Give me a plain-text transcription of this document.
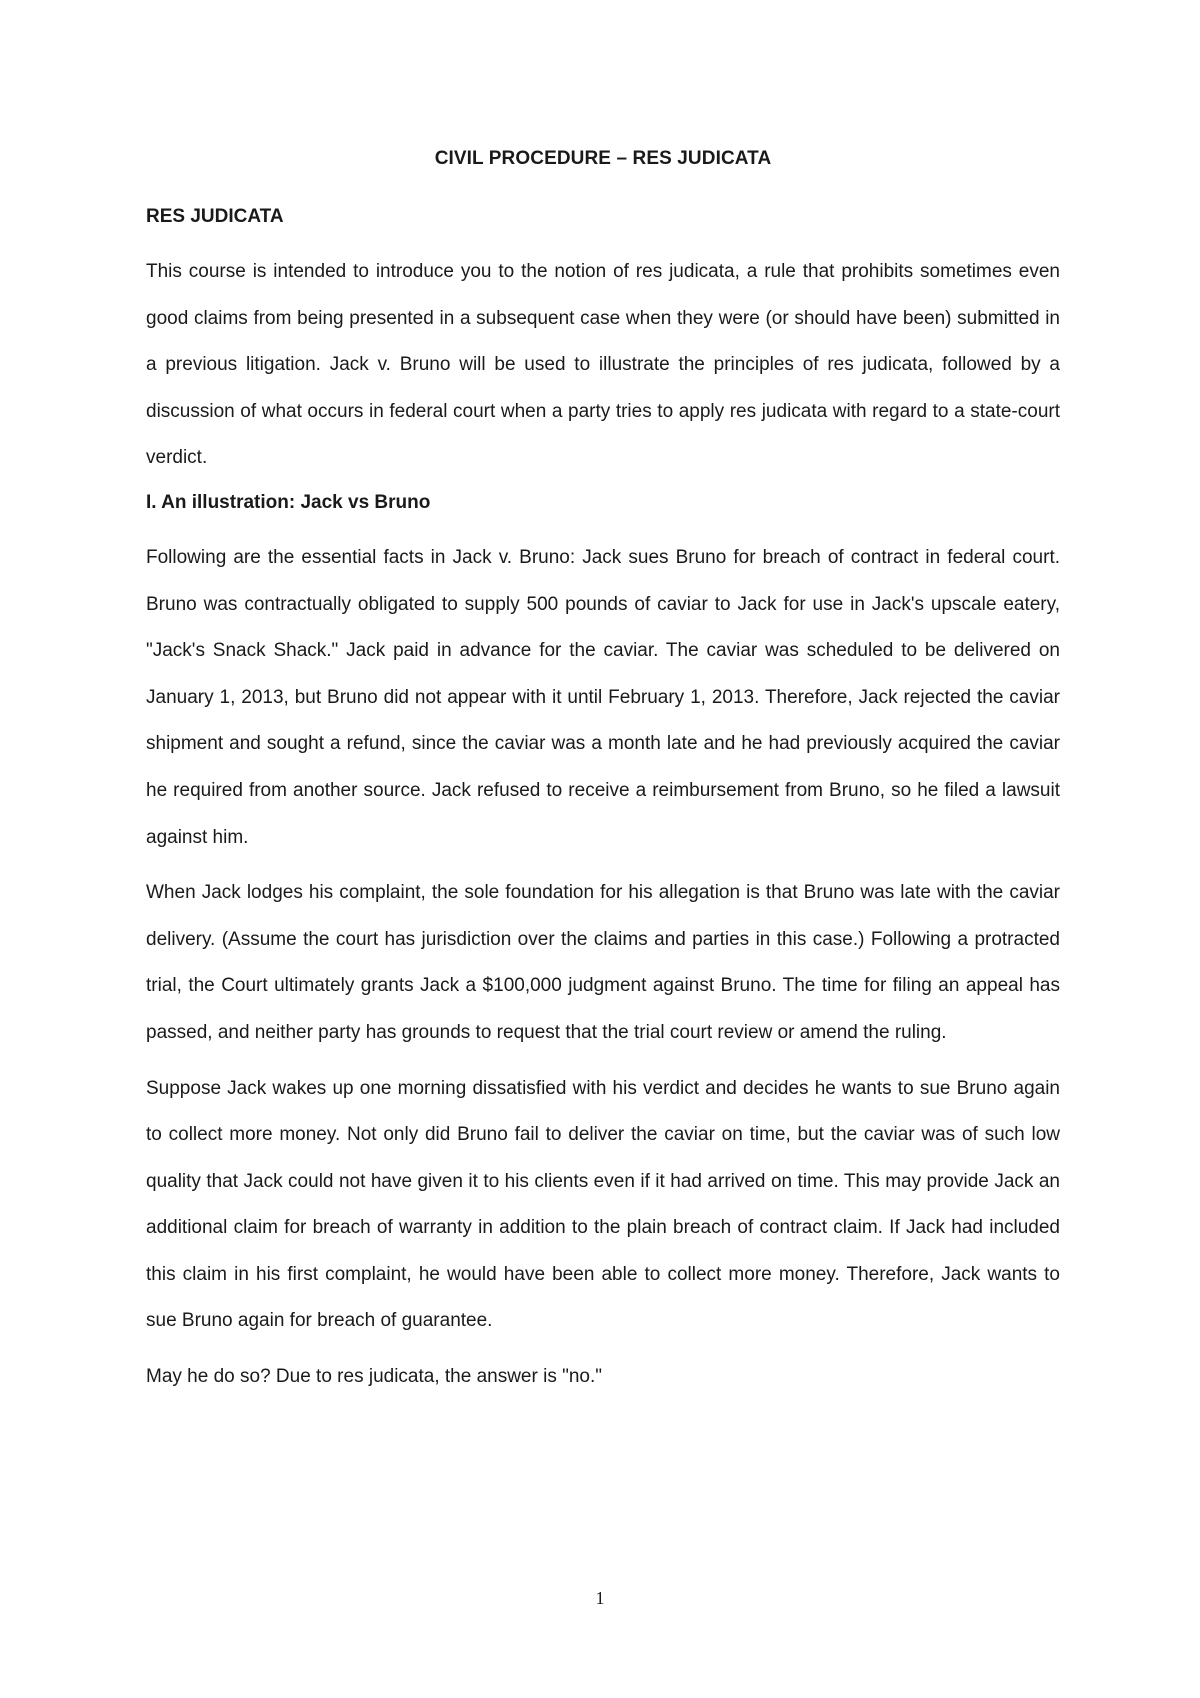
CIVIL PROCEDURE – RES JUDICATA
RES JUDICATA

This course is intended to introduce you to the notion of res judicata, a rule that prohibits sometimes even good claims from being presented in a subsequent case when they were (or should have been) submitted in a previous litigation. Jack v. Bruno will be used to illustrate the principles of res judicata, followed by a discussion of what occurs in federal court when a party tries to apply res judicata with regard to a state-court verdict.

I. An illustration: Jack vs Bruno

Following are the essential facts in Jack v. Bruno: Jack sues Bruno for breach of contract in federal court. Bruno was contractually obligated to supply 500 pounds of caviar to Jack for use in Jack's upscale eatery, "Jack's Snack Shack." Jack paid in advance for the caviar. The caviar was scheduled to be delivered on January 1, 2013, but Bruno did not appear with it until February 1, 2013. Therefore, Jack rejected the caviar shipment and sought a refund, since the caviar was a month late and he had previously acquired the caviar he required from another source. Jack refused to receive a reimbursement from Bruno, so he filed a lawsuit against him.

When Jack lodges his complaint, the sole foundation for his allegation is that Bruno was late with the caviar delivery. (Assume the court has jurisdiction over the claims and parties in this case.) Following a protracted trial, the Court ultimately grants Jack a $100,000 judgment against Bruno. The time for filing an appeal has passed, and neither party has grounds to request that the trial court review or amend the ruling.

Suppose Jack wakes up one morning dissatisfied with his verdict and decides he wants to sue Bruno again to collect more money. Not only did Bruno fail to deliver the caviar on time, but the caviar was of such low quality that Jack could not have given it to his clients even if it had arrived on time. This may provide Jack an additional claim for breach of warranty in addition to the plain breach of contract claim. If Jack had included this claim in his first complaint, he would have been able to collect more money. Therefore, Jack wants to sue Bruno again for breach of guarantee.

May he do so? Due to res judicata, the answer is "no."

1
